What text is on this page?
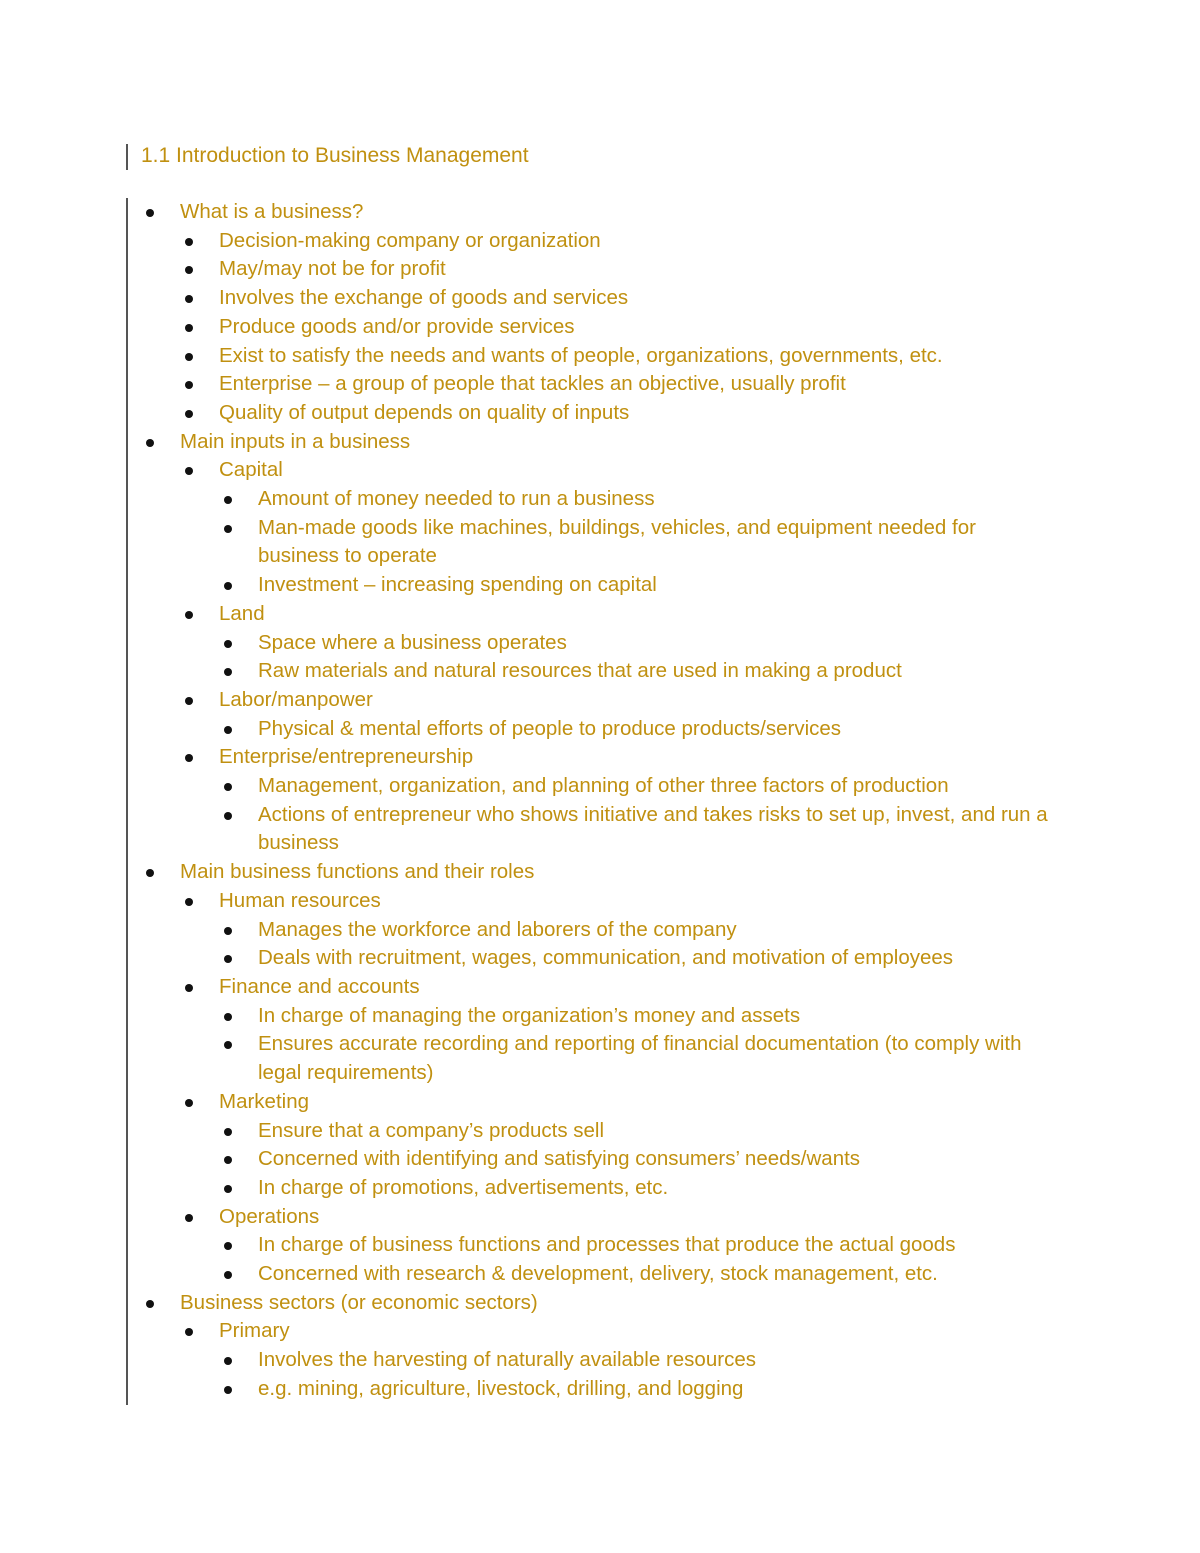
1.1 Introduction to Business Management
What is a business?
Decision-making company or organization
May/may not be for profit
Involves the exchange of goods and services
Produce goods and/or provide services
Exist to satisfy the needs and wants of people, organizations, governments, etc.
Enterprise – a group of people that tackles an objective, usually profit
Quality of output depends on quality of inputs
Main inputs in a business
Capital
Amount of money needed to run a business
Man-made goods like machines, buildings, vehicles, and equipment needed for business to operate
Investment – increasing spending on capital
Land
Space where a business operates
Raw materials and natural resources that are used in making a product
Labor/manpower
Physical & mental efforts of people to produce products/services
Enterprise/entrepreneurship
Management, organization, and planning of other three factors of production
Actions of entrepreneur who shows initiative and takes risks to set up, invest, and run a business
Main business functions and their roles
Human resources
Manages the workforce and laborers of the company
Deals with recruitment, wages, communication, and motivation of employees
Finance and accounts
In charge of managing the organization’s money and assets
Ensures accurate recording and reporting of financial documentation (to comply with legal requirements)
Marketing
Ensure that a company’s products sell
Concerned with identifying and satisfying consumers’ needs/wants
In charge of promotions, advertisements, etc.
Operations
In charge of business functions and processes that produce the actual goods
Concerned with research & development, delivery, stock management, etc.
Business sectors (or economic sectors)
Primary
Involves the harvesting of naturally available resources
e.g. mining, agriculture, livestock, drilling, and logging
